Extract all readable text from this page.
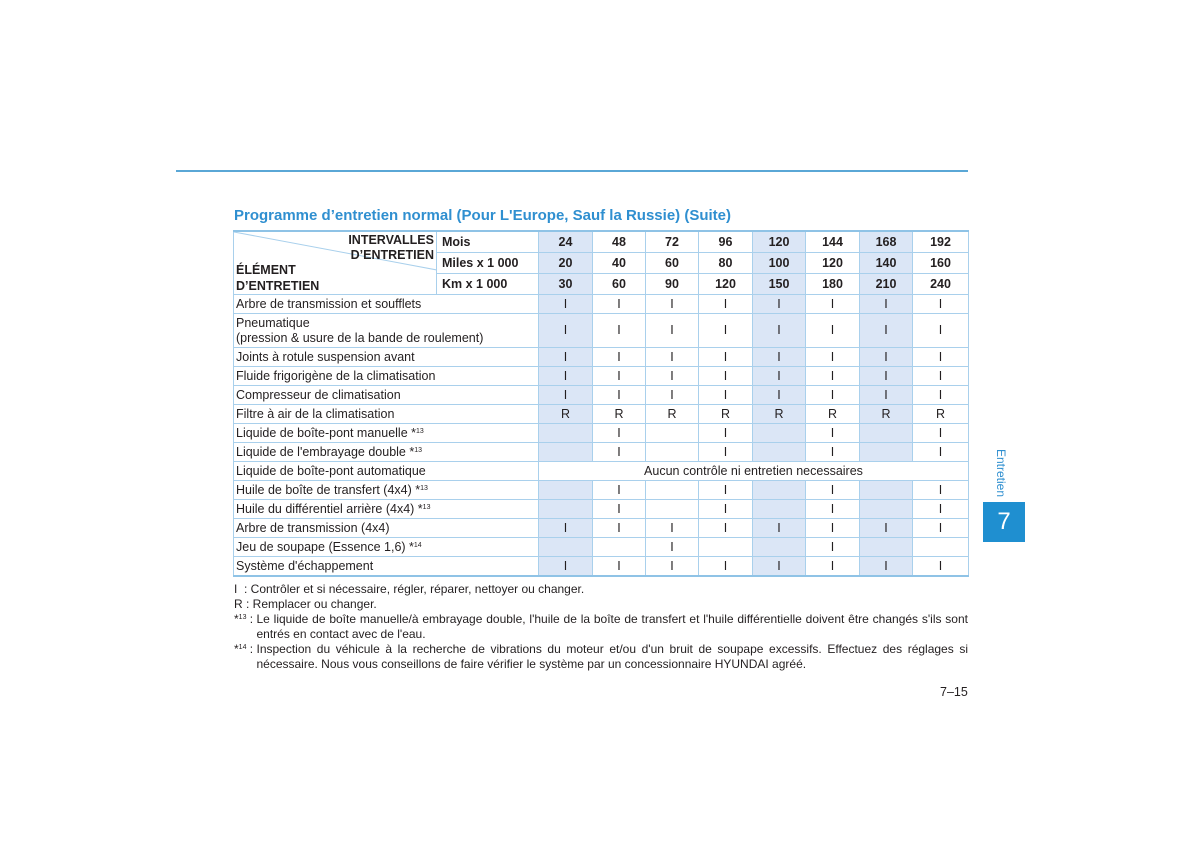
Programme d’entretien normal (Pour L'Europe, Sauf la Russie) (Suite)
INTERVALLES
D’ENTRETIEN
ÉLÉMENT
D’ENTRETIEN	Mois	24	48	72	96	120	144	168	192
	Miles x 1 000	20	40	60	80	100	120	140	160
	Km x 1 000	30	60	90	120	150	180	210	240
Arbre de transmission et soufflets		I	I	I	I	I	I	I	I

Pneumatique
(pression & usure de la bande de roulement)		I	I	I	I	I	I	I	I
Joints à rotule suspension avant		I	I	I	I	I	I	I	I
Fluide frigorigène de la climatisation		I	I	I	I	I	I	I	I
Compresseur de climatisation		I	I	I	I	I	I	I	I
Filtre à air de la climatisation		R	R	R	R	R	R	R	R
Liquide de boîte-pont manuelle *$^{13}$			I		I		I		I
Liquide de l'embrayage double *$^{13}$			I		I		I		I
Liquide de boîte-pont automatique		Aucun contrôle ni entretien necessaires							
Huile de boîte de transfert (4x4) *$^{13}$			I		I		I		I
Huile du différentiel arrière (4x4) *$^{13}$			I		I		I		I
Arbre de transmission (4x4)		I	I	I	I	I	I	I	I
Jeu de soupape (Essence 1,6) *$^{14}$				I			I		
Système d'échappement		I	I	I	I	I	I	I	I
I  : Contrôler et si nécessaire, régler, réparer, nettoyer ou changer.
R : Remplacer ou changer.
*$^{13}$ : Le liquide de boîte manuelle/à embrayage double, l'huile de la boîte de transfert et l'huile différentielle doivent être changés s'ils sont entrés en contact avec de l'eau.
*$^{14}$ : Inspection du véhicule à la recherche de vibrations du moteur et/ou d'un bruit de soupape excessifs. Effectuez des réglages si nécessaire. Nous vous conseillons de faire vérifier le système par un concessionnaire HYUNDAI agréé.
7–15
Entretien
7
